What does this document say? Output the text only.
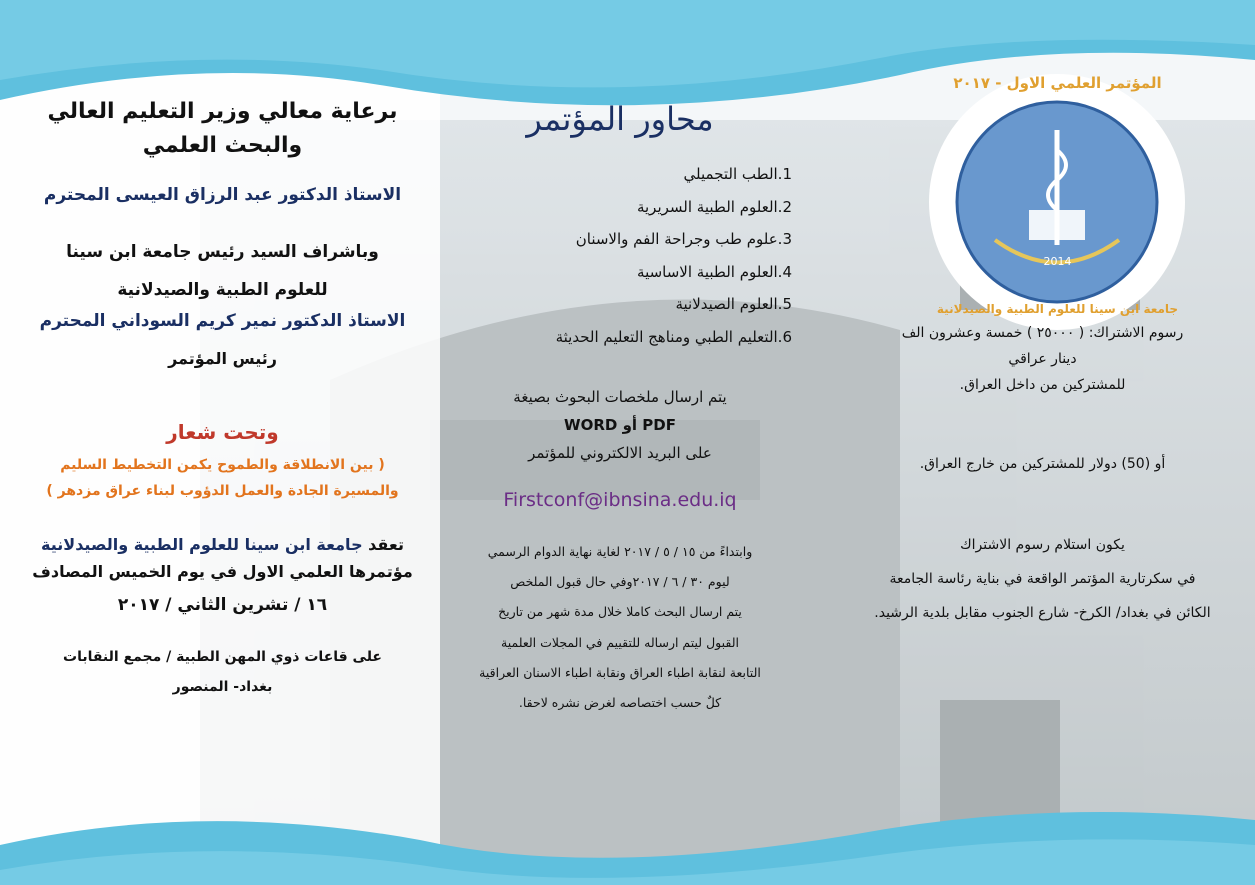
المؤتمر العلمي الاول - ٢٠١٧
2014
جامعة ابن سينا للعلوم الطبية والصيدلانية
برعاية معالي وزير التعليم العالي
والبحث العلمي
الاستاذ الدكتور عبد الرزاق العيسى المحترم
وباشراف السيد رئيس جامعة ابن سينا
للعلوم الطبية والصيدلانية
الاستاذ الدكتور نمير كريم السوداني المحترم
رئيس المؤتمر
وتحت شعار
( بين الانطلاقة والطموح يكمن التخطيط السليم
والمسيرة الجادة والعمل الدؤوب لبناء عراق مزدهر )
تعقد جامعة ابن سينا للعلوم الطبية والصيدلانية
مؤتمرها العلمي الاول في يوم الخميس المصادف
١٦ / تشرين الثاني / ٢٠١٧
على قاعات ذوي المهن الطبية / مجمع النقابات
بغداد- المنصور
محاور المؤتمر
1.الطب التجميلي
2.العلوم الطبية السريرية
3.علوم طب وجراحة الفم والاسنان
4.العلوم الطبية الاساسية
5.العلوم الصيدلانية
6.التعليم الطبي ومناهج التعليم الحديثة
يتم ارسال ملخصات البحوث بصيغة
WORD أو PDF
على البريد الالكتروني للمؤتمر
Firstconf@ibnsina.edu.iq
وابتداءً من ١٥ / ٥ / ٢٠١٧ لغاية نهاية الدوام الرسمي
ليوم ٣٠ / ٦ / ٢٠١٧وفي حال قبول الملخص
يتم ارسال البحث كاملا خلال مدة شهر من تاريخ
القبول ليتم ارساله للتقييم في المجلات العلمية
التابعة لنقابة اطباء العراق ونقابة اطباء الاسنان العراقية
كلٌ حسب اختصاصه لغرض نشره لاحقا.
رسوم الاشتراك: ( ٢٥٠٠٠ ) خمسة وعشرون الف
دينار عراقي
للمشتركين من داخل العراق.
أو (50) دولار للمشتركين من خارج العراق.
يكون استلام رسوم الاشتراك
في سكرتارية المؤتمر الواقعة في بناية رئاسة الجامعة
الكائن في بغداد/ الكرخ- شارع الجنوب مقابل بلدية الرشيد.
